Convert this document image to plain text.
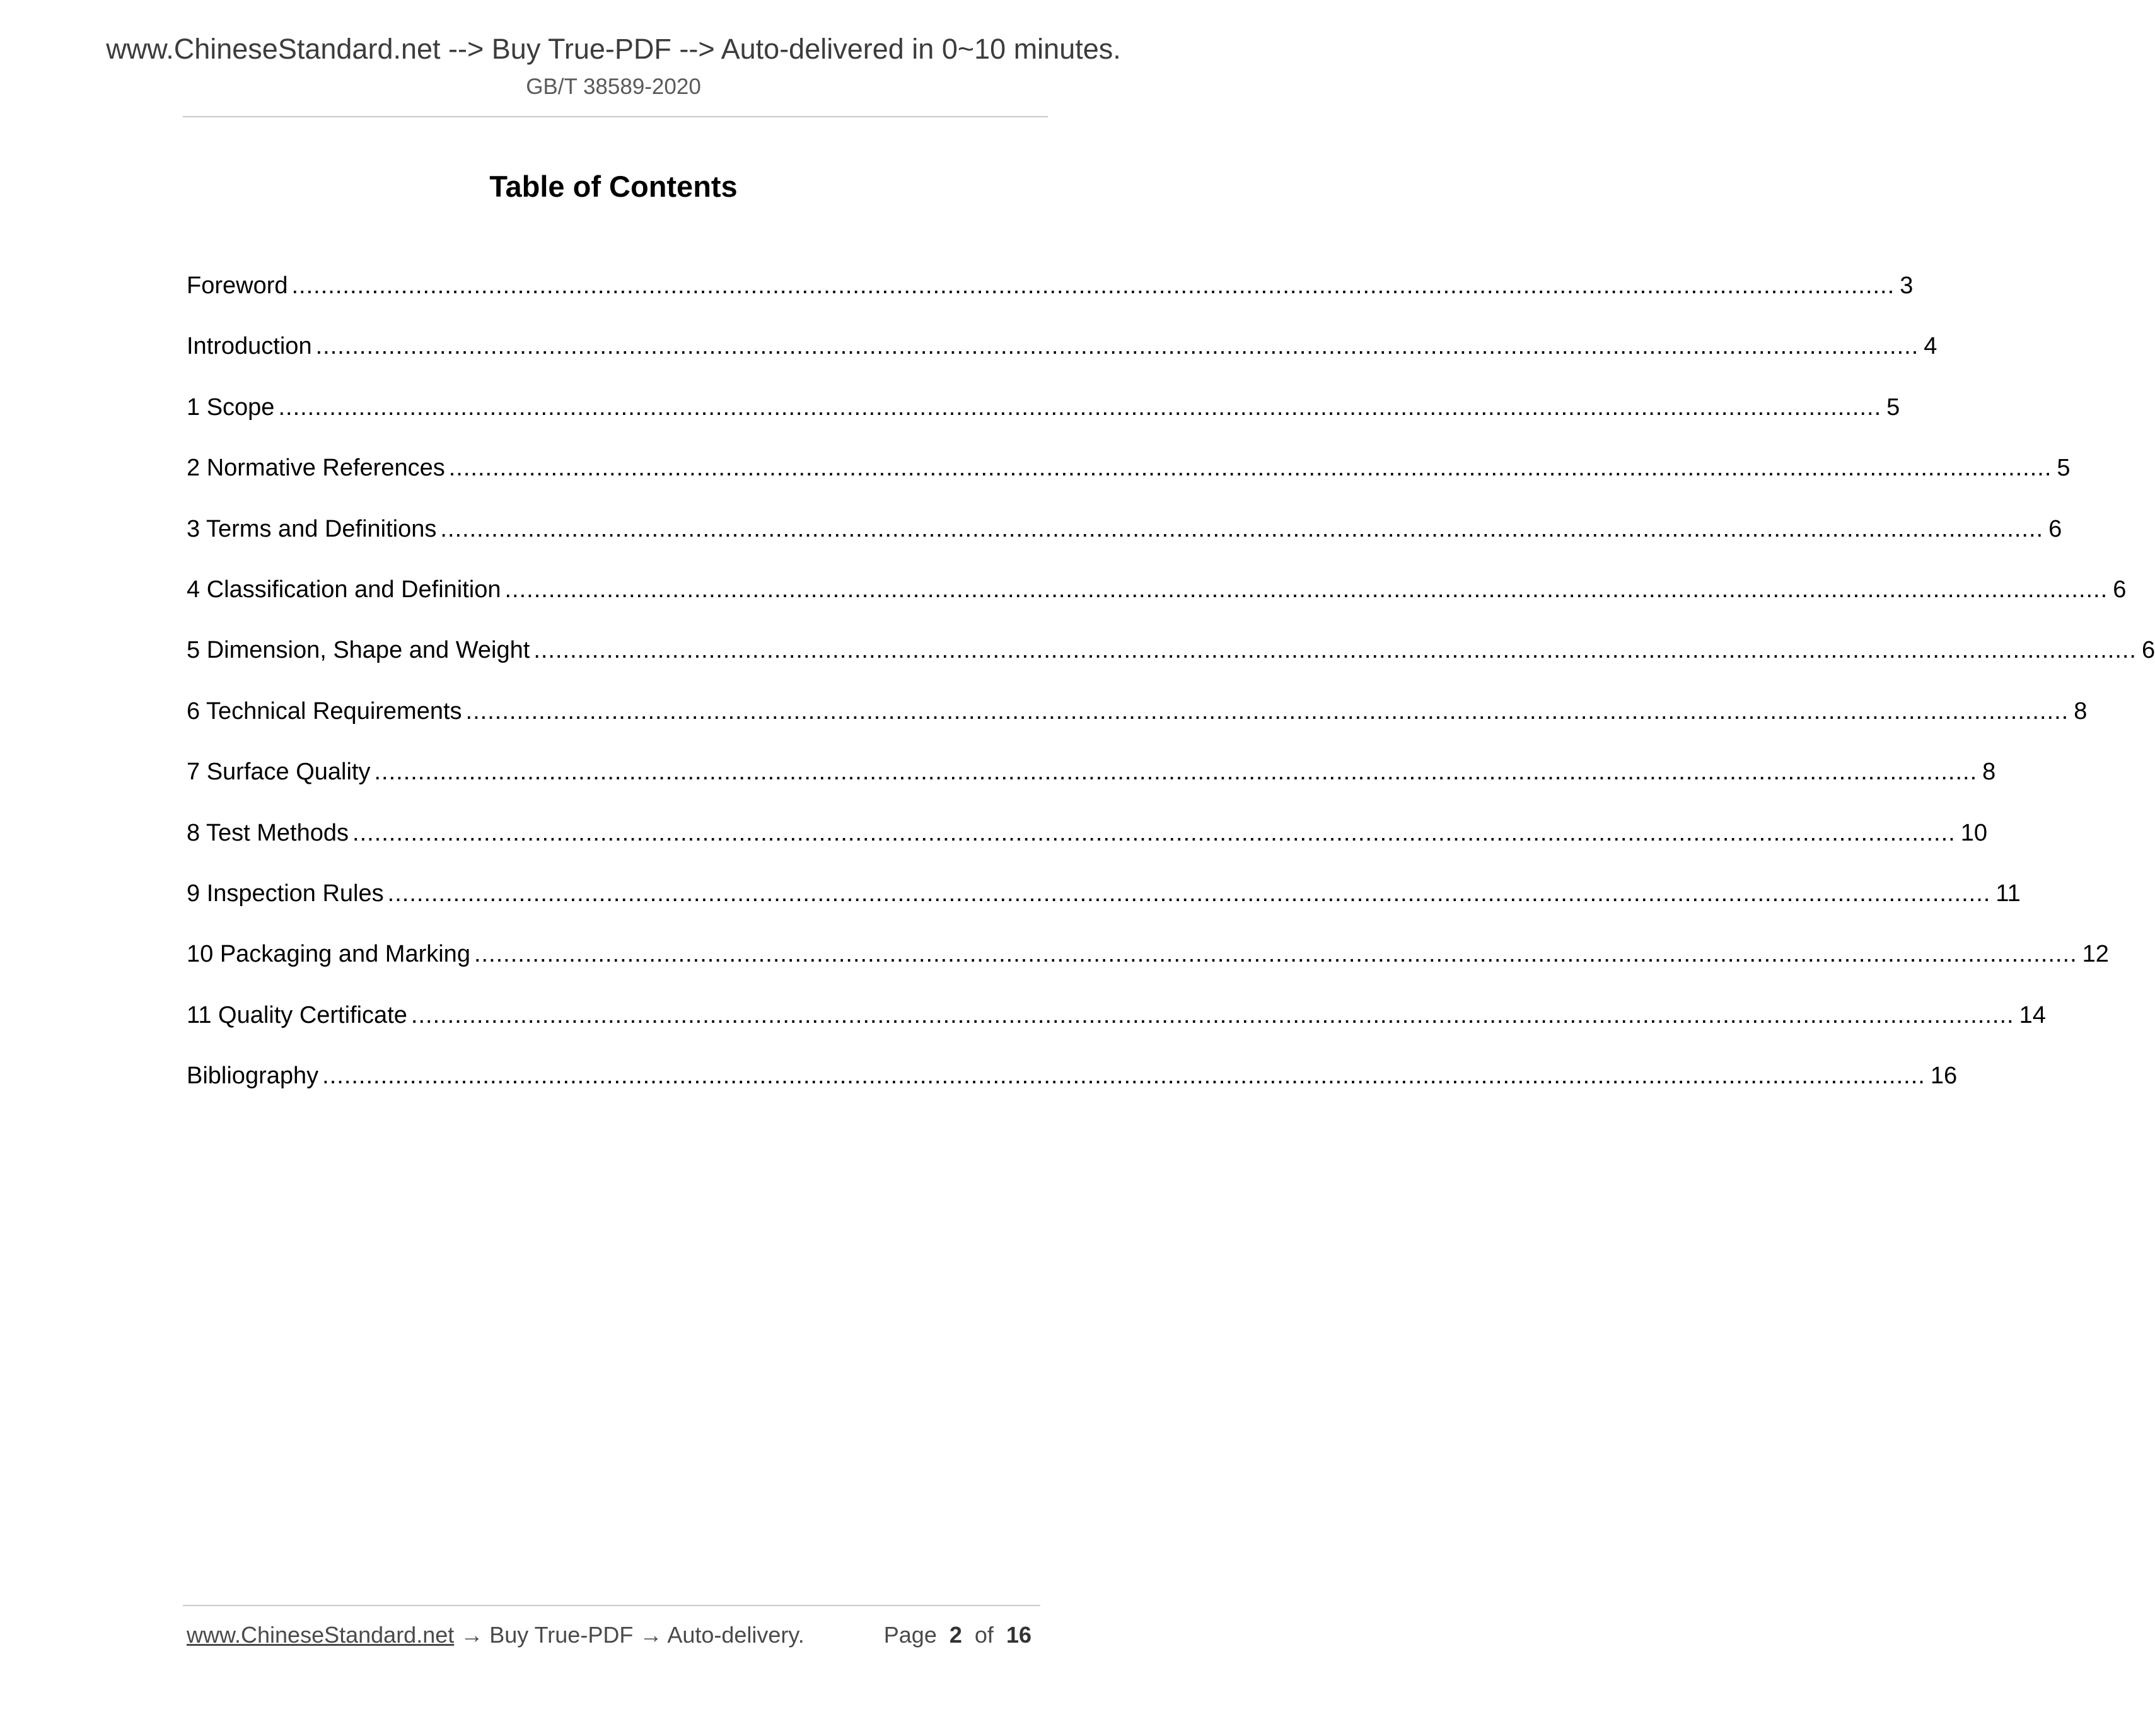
www.ChineseStandard.net --> Buy True-PDF --> Auto-delivered in 0~10 minutes.
GB/T 38589-2020
Table of Contents
Foreword ............................................................................................................................................................................................................................ 3
Introduction ............................................................................................................................................................................................................................ 4
1 Scope ............................................................................................................................................................................................................................ 5
2 Normative References ............................................................................................................................................................................................................................ 5
3 Terms and Definitions ............................................................................................................................................................................................................................ 6
4 Classification and Definition ............................................................................................................................................................................................................................ 6
5 Dimension, Shape and Weight ............................................................................................................................................................................................................................ 6
6 Technical Requirements ............................................................................................................................................................................................................................ 8
7 Surface Quality ............................................................................................................................................................................................................................ 8
8 Test Methods ............................................................................................................................................................................................................................ 10
9 Inspection Rules ............................................................................................................................................................................................................................ 11
10 Packaging and Marking ............................................................................................................................................................................................................................ 12
11 Quality Certificate ............................................................................................................................................................................................................................ 14
Bibliography ............................................................................................................................................................................................................................ 16
www.ChineseStandard.net → Buy True-PDF → Auto-delivery.	Page 2 of 16
